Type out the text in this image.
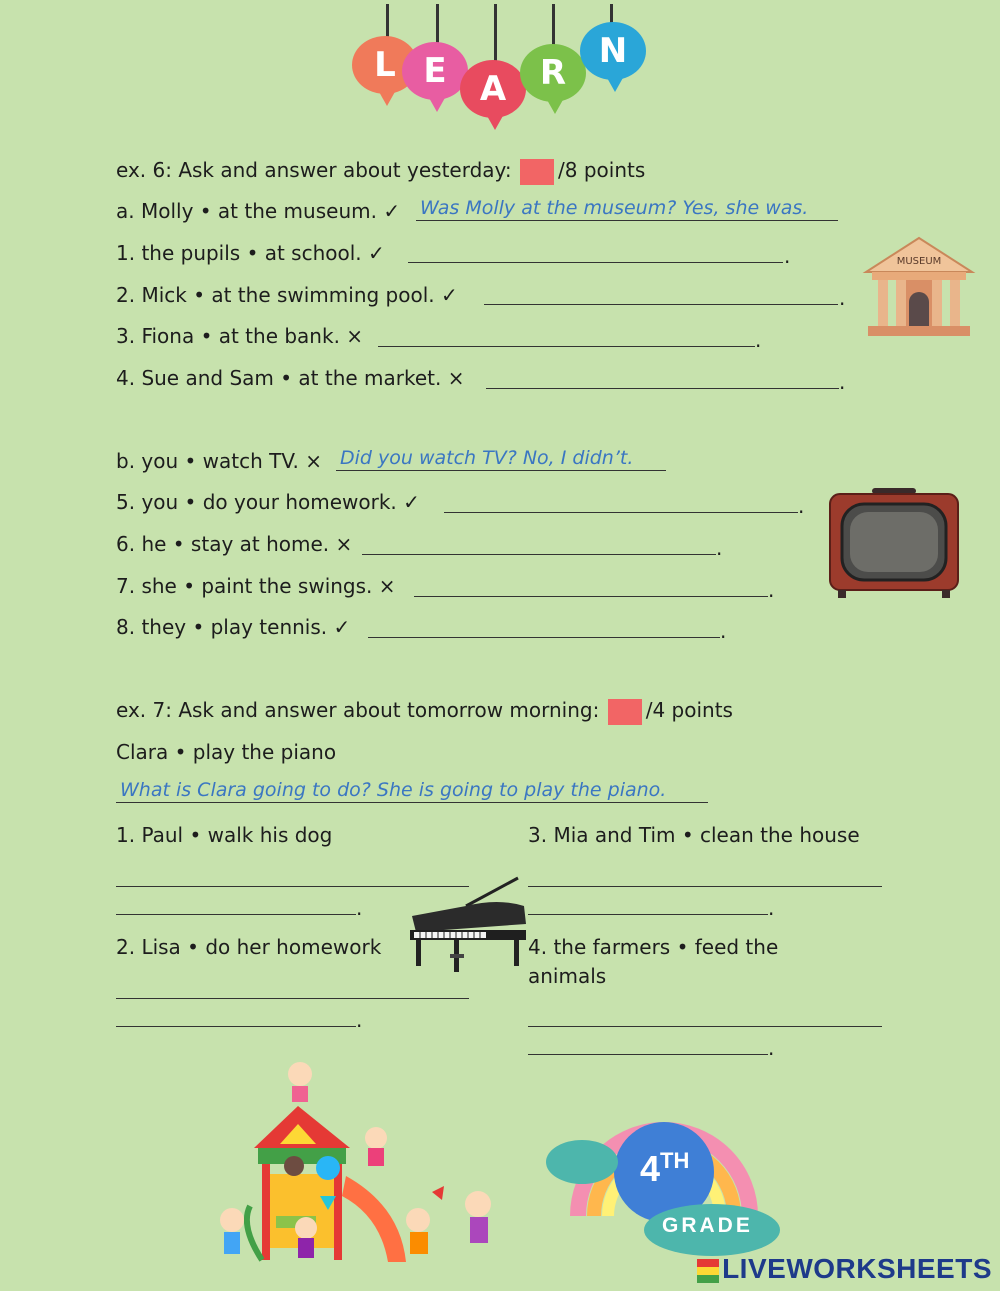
L E A R
N
ex. 6: Ask and answer about yesterday: /8 points
a. Molly • at the museum. ✓ Was Molly at the museum? Yes, she was.
1. the pupils • at school. ✓	.
2. Mick • at the swimming pool. ✓	.
3. Fiona • at the bank. ×	.
4. Sue and Sam • at the market. ×	.
MUSEUM
b. you • watch TV. × Did you watch TV? No, I didn’t.
5. you • do your homework. ✓	.
6. he • stay at home. ×	.
7. she • paint the swings. ×	.
8. they • play tennis. ✓	.
ex. 7: Ask and answer about tomorrow morning: /4 points
Clara • play the piano
What is Clara going to do? She is going to play the piano.
1. Paul • walk his dog	3. Mia and Tim • clean the house
.	.
2. Lisa • do her homework	4. the farmers • feed the
animals
.
.
4TH
GRADE
LIVEWORKSHEETS
